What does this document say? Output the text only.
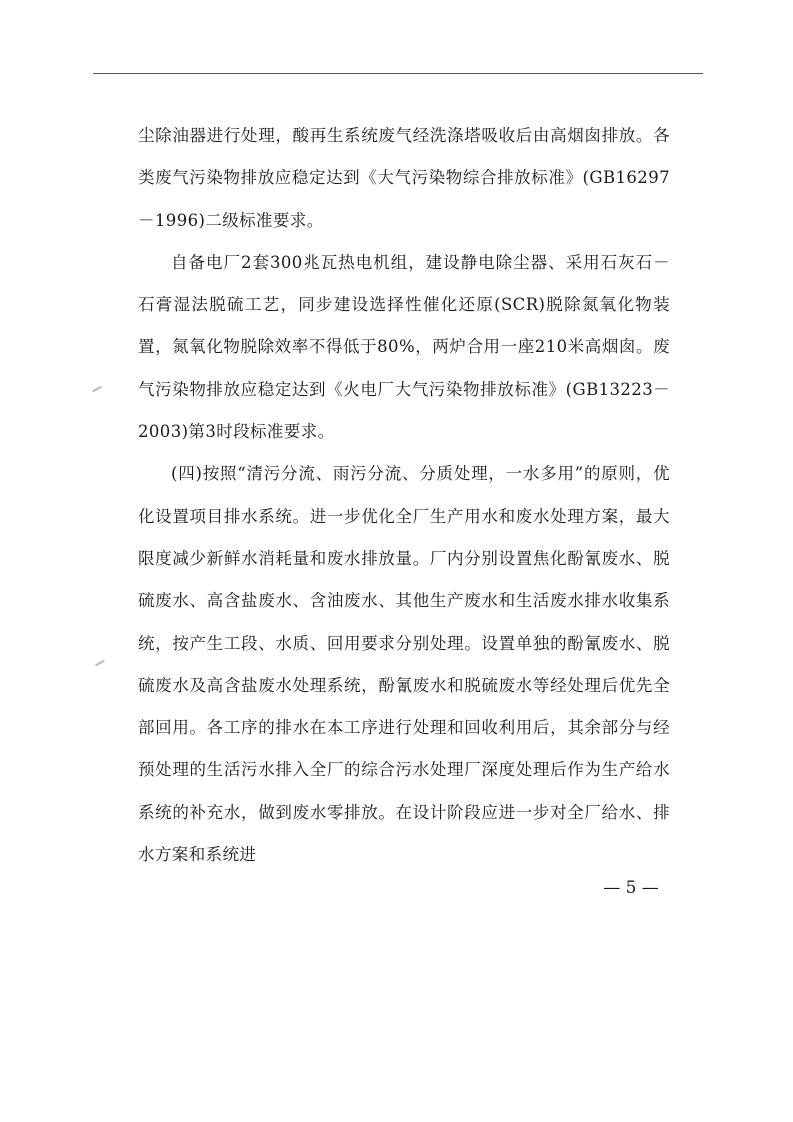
尘除油器进行处理，酸再生系统废气经洗涤塔吸收后由高烟囱排放。各类废气污染物排放应稳定达到《大气污染物综合排放标准》(GB16297－1996)二级标准要求。

自备电厂2套300兆瓦热电机组，建设静电除尘器、采用石灰石－石膏湿法脱硫工艺，同步建设选择性催化还原(SCR)脱除氮氧化物装置，氮氧化物脱除效率不得低于80%，两炉合用一座210米高烟囱。废气污染物排放应稳定达到《火电厂大气污染物排放标准》(GB13223－2003)第3时段标准要求。

(四)按照“清污分流、雨污分流、分质处理，一水多用”的原则，优化设置项目排水系统。进一步优化全厂生产用水和废水处理方案，最大限度减少新鲜水消耗量和废水排放量。厂内分别设置焦化酚氰废水、脱硫废水、高含盐废水、含油废水、其他生产废水和生活废水排水收集系统，按产生工段、水质、回用要求分别处理。设置单独的酚氰废水、脱硫废水及高含盐废水处理系统，酚氰废水和脱硫废水等经处理后优先全部回用。各工序的排水在本工序进行处理和回收利用后，其余部分与经预处理的生活污水排入全厂的综合污水处理厂深度处理后作为生产给水系统的补充水，做到废水零排放。在设计阶段应进一步对全厂给水、排水方案和系统进

— 5 —
